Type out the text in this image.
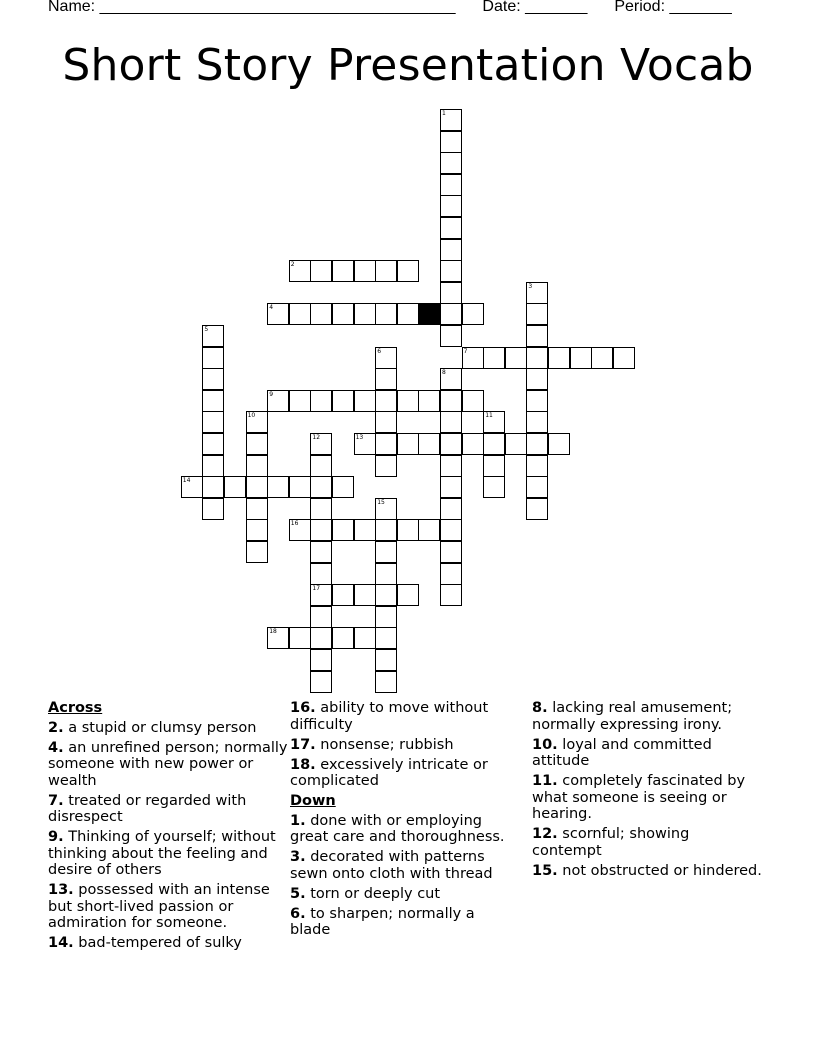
Name: ________________________________________ Date: _______ Period: _______
Short Story Presentation Vocab
1
2
3
4
5
6	7
8
9
10	11
12
17
13
14
15
16
18
Across
2. a stupid or clumsy person
4. an unrefined person; normally someone with new power or wealth
7. treated or regarded with disrespect
9. Thinking of yourself; without thinking about the feeling and desire of others
13. possessed with an intense but short-lived passion or admiration for someone.
14. bad-tempered of sulky
16. ability to move without difficulty
17. nonsense; rubbish
18. excessively intricate or complicated
Down
1. done with or employing great care and thoroughness.
3. decorated with patterns sewn onto cloth with thread
5. torn or deeply cut
6. to sharpen; normally a blade
8. lacking real amusement; normally expressing irony.
10. loyal and committed attitude
11. completely fascinated by what someone is seeing or hearing.
12. scornful; showing contempt
15. not obstructed or hindered.
